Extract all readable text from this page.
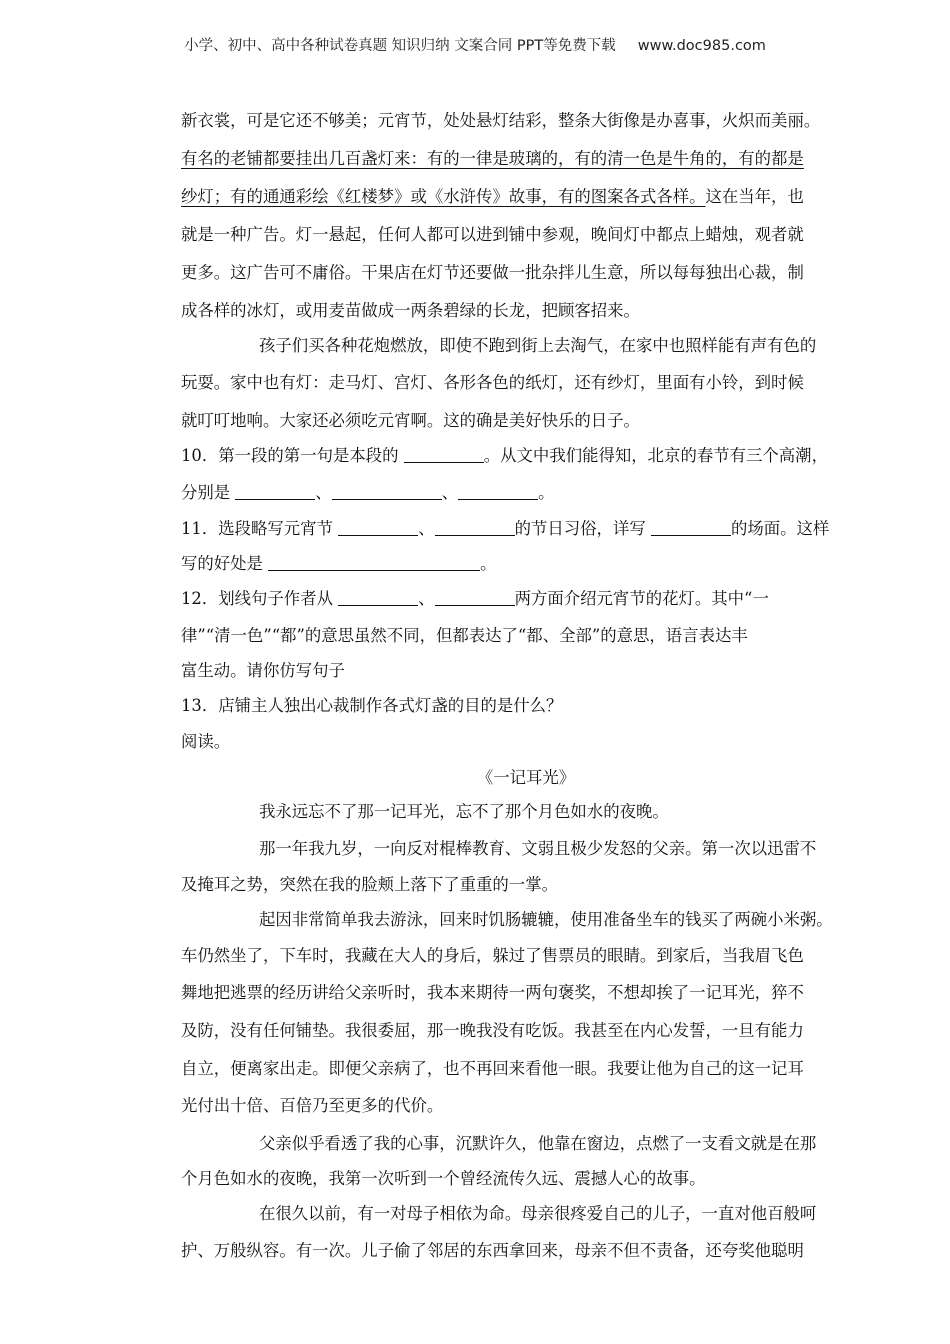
小学、初中、高中各种试卷真题 知识归纳 文案合同 PPT等免费下载 www.doc985.com
新衣裳，可是它还不够美；元宵节，处处悬灯结彩，整条大街像是办喜事，火炽而美丽。
有名的老铺都要挂出几百盏灯来：有的一律是玻璃的，有的清一色是牛角的，有的都是
纱灯；有的通通彩绘《红楼梦》或《水浒传》故事，有的图案各式各样。这在当年，也
就是一种广告。灯一悬起，任何人都可以进到铺中参观，晚间灯中都点上蜡烛，观者就
更多。这广告可不庸俗。干果店在灯节还要做一批杂拌儿生意，所以每每独出心裁，制
成各样的冰灯，或用麦苗做成一两条碧绿的长龙，把顾客招来。
孩子们买各种花炮燃放，即使不跑到街上去淘气，在家中也照样能有声有色的
玩耍。家中也有灯：走马灯、宫灯、各形各色的纸灯，还有纱灯，里面有小铃，到时候
就叮叮地响。大家还必须吃元宵啊。这的确是美好快乐的日子。
10．第一段的第一句是本段的	。从文中我们能得知，北京的春节有三个高潮，
分别是	、	、	。
11．选段略写元宵节	、	的节日习俗，详写	的场面。这样
写的好处是	。
12．划线句子作者从	、	两方面介绍元宵节的花灯。其中“一
律”“清一色”“都”的意思虽然不同，但都表达了“都、全部”的意思，语言表达丰
富生动。请你仿写句子
13．店铺主人独出心裁制作各式灯盏的目的是什么？
阅读。
《一记耳光》
我永远忘不了那一记耳光，忘不了那个月色如水的夜晚。
那一年我九岁，一向反对棍棒教育、文弱且极少发怒的父亲。第一次以迅雷不
及掩耳之势，突然在我的脸颊上落下了重重的一掌。
起因非常简单我去游泳，回来时饥肠辘辘，使用准备坐车的钱买了两碗小米粥。
车仍然坐了，下车时，我藏在大人的身后，躲过了售票员的眼睛。到家后，当我眉飞色
舞地把逃票的经历讲给父亲听时，我本来期待一两句褒奖，不想却挨了一记耳光，猝不
及防，没有任何铺垫。我很委屈，那一晚我没有吃饭。我甚至在内心发誓，一旦有能力
自立，便离家出走。即便父亲病了，也不再回来看他一眼。我要让他为自己的这一记耳
光付出十倍、百倍乃至更多的代价。
父亲似乎看透了我的心事，沉默许久，他靠在窗边，点燃了一支看文就是在那
个月色如水的夜晚，我第一次听到一个曾经流传久远、震撼人心的故事。
在很久以前，有一对母子相依为命。母亲很疼爱自己的儿子，一直对他百般呵
护、万般纵容。有一次。儿子偷了邻居的东西拿回来，母亲不但不责备，还夸奖他聪明
